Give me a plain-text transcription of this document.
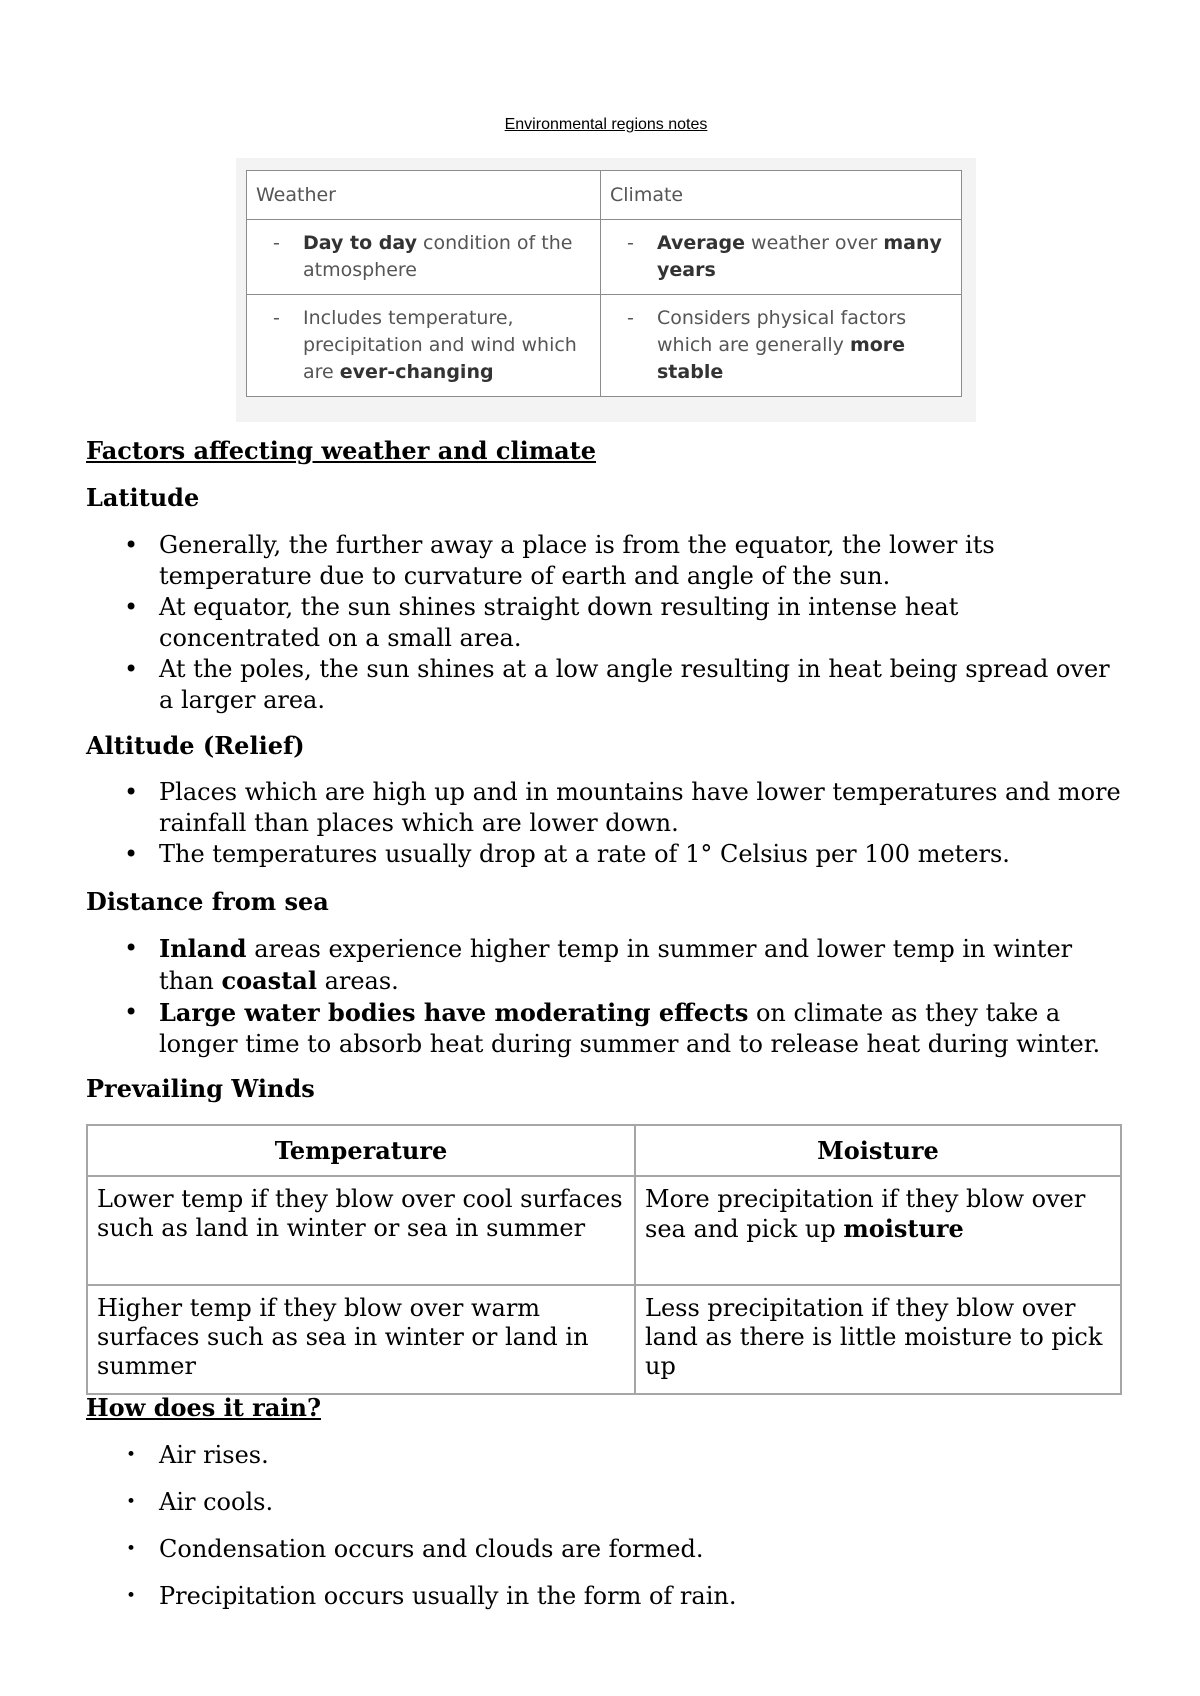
Environmental regions notes

Weather	Climate

- Day to day condition of the atmosphere	- Average weather over many years

- Includes temperature, precipitation and wind which are ever-changing	- Considers physical factors which are generally more stable
Factors affecting weather and climate
Latitude
• Generally, the further away a place is from the equator, the lower its temperature due to curvature of earth and angle of the sun.
• At equator, the sun shines straight down resulting in intense heat concentrated on a small area.
• At the poles, the sun shines at a low angle resulting in heat being spread over a larger area.
Altitude (Relief)
• Places which are high up and in mountains have lower temperatures and more rainfall than places which are lower down.
• The temperatures usually drop at a rate of 1° Celsius per 100 meters.
Distance from sea
• Inland areas experience higher temp in summer and lower temp in winter than coastal areas.
• Large water bodies have moderating effects on climate as they take a longer time to absorb heat during summer and to release heat during winter.
Prevailing Winds
Temperature	Moisture
Lower temp if they blow over cool surfaces such as land in winter or sea in summer	More precipitation if they blow over sea and pick up moisture
Higher temp if they blow over warm surfaces such as sea in winter or land in summer	Less precipitation if they blow over land as there is little moisture to pick up
How does it rain?
• Air rises.
• Air cools.
• Condensation occurs and clouds are formed.
• Precipitation occurs usually in the form of rain.
